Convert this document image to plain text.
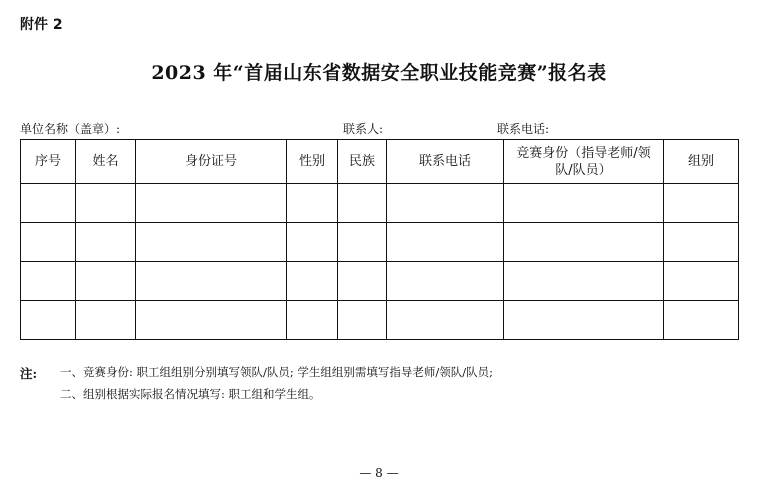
附件 2
2023 年“首届山东省数据安全职业技能竞赛”报名表
单位名称（盖章）:	联系人:	联系电话:
序号	姓名	身份证号	性别	民族	联系电话	竞赛身份（指导老师/领队/队员）	组别

注:	一、竞赛身份: 职工组组别分别填写领队/队员; 学生组组别需填写指导老师/领队/队员;
二、组别根据实际报名情况填写: 职工组和学生组。
— 8 —
